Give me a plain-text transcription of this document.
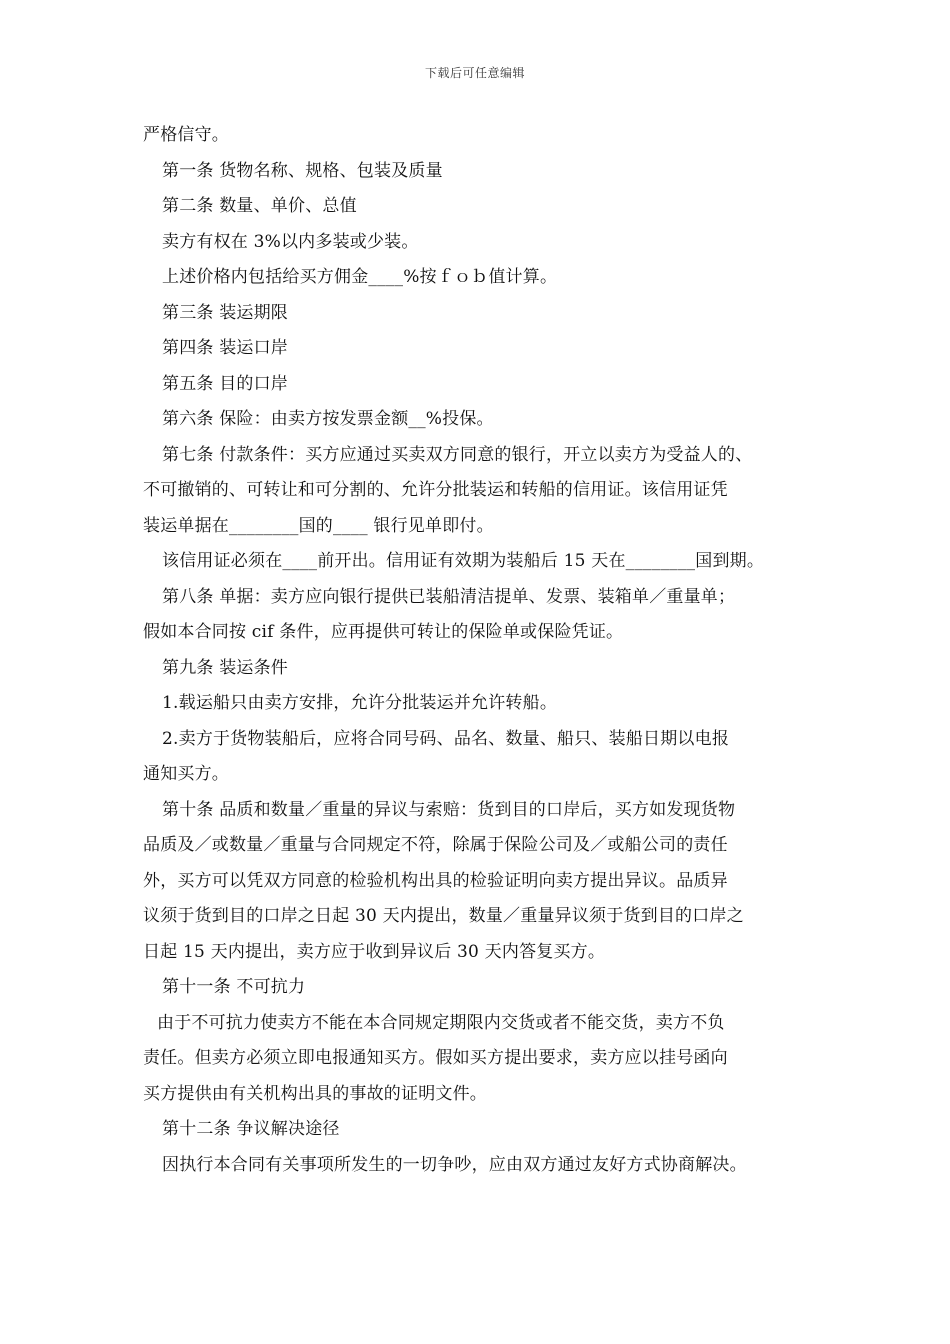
下载后可任意编辑
严格信守。
第一条 货物名称、规格、包装及质量
第二条 数量、单价、总值
卖方有权在 3%以内多装或少装。
上述价格内包括给买方佣金____%按ｆｏｂ值计算。
第三条 装运期限
第四条 装运口岸
第五条 目的口岸
第六条 保险：由卖方按发票金额__%投保。
第七条 付款条件：买方应通过买卖双方同意的银行，开立以卖方为受益人的、
不可撤销的、可转让和可分割的、允许分批装运和转船的信用证。该信用证凭
装运单据在________国的____ 银行见单即付。
该信用证必须在____前开出。信用证有效期为装船后 15 天在________国到期。
第八条 单据：卖方应向银行提供已装船清洁提单、发票、装箱单／重量单；
假如本合同按 cif 条件，应再提供可转让的保险单或保险凭证。
第九条 装运条件
1.载运船只由卖方安排，允许分批装运并允许转船。
2.卖方于货物装船后，应将合同号码、品名、数量、船只、装船日期以电报
通知买方。
第十条 品质和数量／重量的异议与索赔：货到目的口岸后，买方如发现货物
品质及／或数量／重量与合同规定不符，除属于保险公司及／或船公司的责任
外，买方可以凭双方同意的检验机构出具的检验证明向卖方提出异议。品质异
议须于货到目的口岸之日起 30 天内提出，数量／重量异议须于货到目的口岸之
日起 15 天内提出，卖方应于收到异议后 30 天内答复买方。
第十一条 不可抗力
由于不可抗力使卖方不能在本合同规定期限内交货或者不能交货，卖方不负
责任。但卖方必须立即电报通知买方。假如买方提出要求，卖方应以挂号函向
买方提供由有关机构出具的事故的证明文件。
第十二条 争议解决途径
因执行本合同有关事项所发生的一切争吵，应由双方通过友好方式协商解决。
